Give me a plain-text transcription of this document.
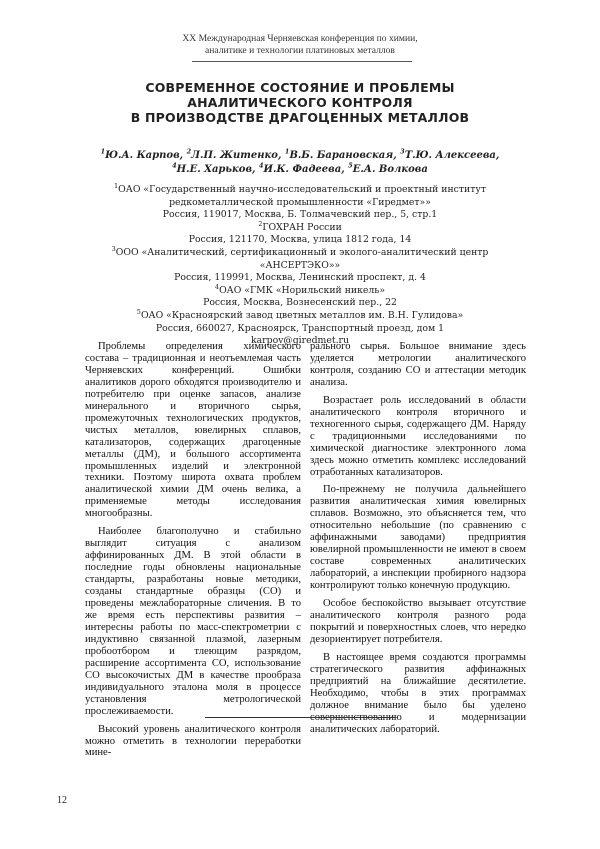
XX Международная Черняевская конференция по химии,
аналитике и технологии платиновых металлов
СОВРЕМЕННОЕ СОСТОЯНИЕ И ПРОБЛЕМЫ
АНАЛИТИЧЕСКОГО КОНТРОЛЯ
В ПРОИЗВОДСТВЕ ДРАГОЦЕННЫХ МЕТАЛЛОВ
$^1$Ю.А. Карпов, $^2$Л.П. Житенко, $^1$В.Б. Барановская, $^3$Т.Ю. Алексеева,
$^4$Н.Е. Харьков, $^4$И.К. Фадеева, $^5$Е.А. Волкова
$^1$ОАО «Государственный научно-исследовательский и проектный институт
редкометаллической промышленности «Гиредмет»»
Россия, 119017, Москва, Б. Толмачевский пер., 5, стр.1
$^2$ГОХРАН России
Россия, 121170, Москва, улица 1812 года, 14
$^3$ООО «Аналитический, сертификационный и эколого-аналитический центр «АНСЕРТЭКО»»
Россия, 119991, Москва, Ленинский проспект, д. 4
$^4$ОАО «ГМК «Норильский никель»
Россия, Москва, Вознесенский пер., 22
$^5$ОАО «Красноярский завод цветных металлов им. В.Н. Гулидова»
Россия, 660027, Красноярск, Транспортный проезд, дом 1
karpov@giredmet.ru

Проблемы определения химического состава – традиционная и неотъемлемая часть Черняевских конференций. Ошибки аналитиков дорого обходятся производителю и потребителю при оценке запасов, анализе минерального и вторичного сырья, промежуточных технологических продуктов, чистых металлов, ювелирных сплавов, катализаторов, содержащих драгоценные металлы (ДМ), и большого ассортимента промышленных изделий и электронной техники. Поэтому широта охвата проблем аналитической химии ДМ очень велика, а применяемые методы исследования многообразны.

Наиболее благополучно и стабильно выглядит ситуация с анализом аффинированных ДМ. В этой области в последние годы обновлены национальные стандарты, разработаны новые методики, созданы стандартные образцы (СО) и проведены межлабораторные сличения. В то же время есть перспективы развития – интересны работы по масс-спектрометрии с индуктивно связанной плазмой, лазерным пробоотбором и тлеющим разрядом, расширение ассортимента СО, использование СО высокочистых ДМ в качестве прообраза индивидуального эталона моля в процессе установления метрологической прослеживаемости.

Высокий уровень аналитического контроля можно отметить в технологии переработки мине-

рального сырья. Большое внимание здесь уделяется метрологии аналитического контроля, созданию СО и аттестации методик анализа.

Возрастает роль исследований в области аналитического контроля вторичного и техногенного сырья, содержащего ДМ. Наряду с традиционными исследованиями по химической диагностике электронного лома здесь можно отметить комплекс исследований отработанных катализаторов.

По-прежнему не получила дальнейшего развития аналитическая химия ювелирных сплавов. Возможно, это объясняется тем, что относительно небольшие (по сравнению с аффинажными заводами) предприятия ювелирной промышленности не имеют в своем составе современных аналитических лабораторий, а инспекции пробирного надзора контролируют только конечную продукцию.

Особое беспокойство вызывает отсутствие аналитического контроля разного рода покрытий и поверхностных слоев, что нередко дезориентирует потребителя.

В настоящее время создаются программы стратегического развития аффинажных предприятий на ближайшие десятилетие. Необходимо, чтобы в этих программах должное внимание было бы уделено совершенствованию и модернизации аналитических лабораторий.

12
